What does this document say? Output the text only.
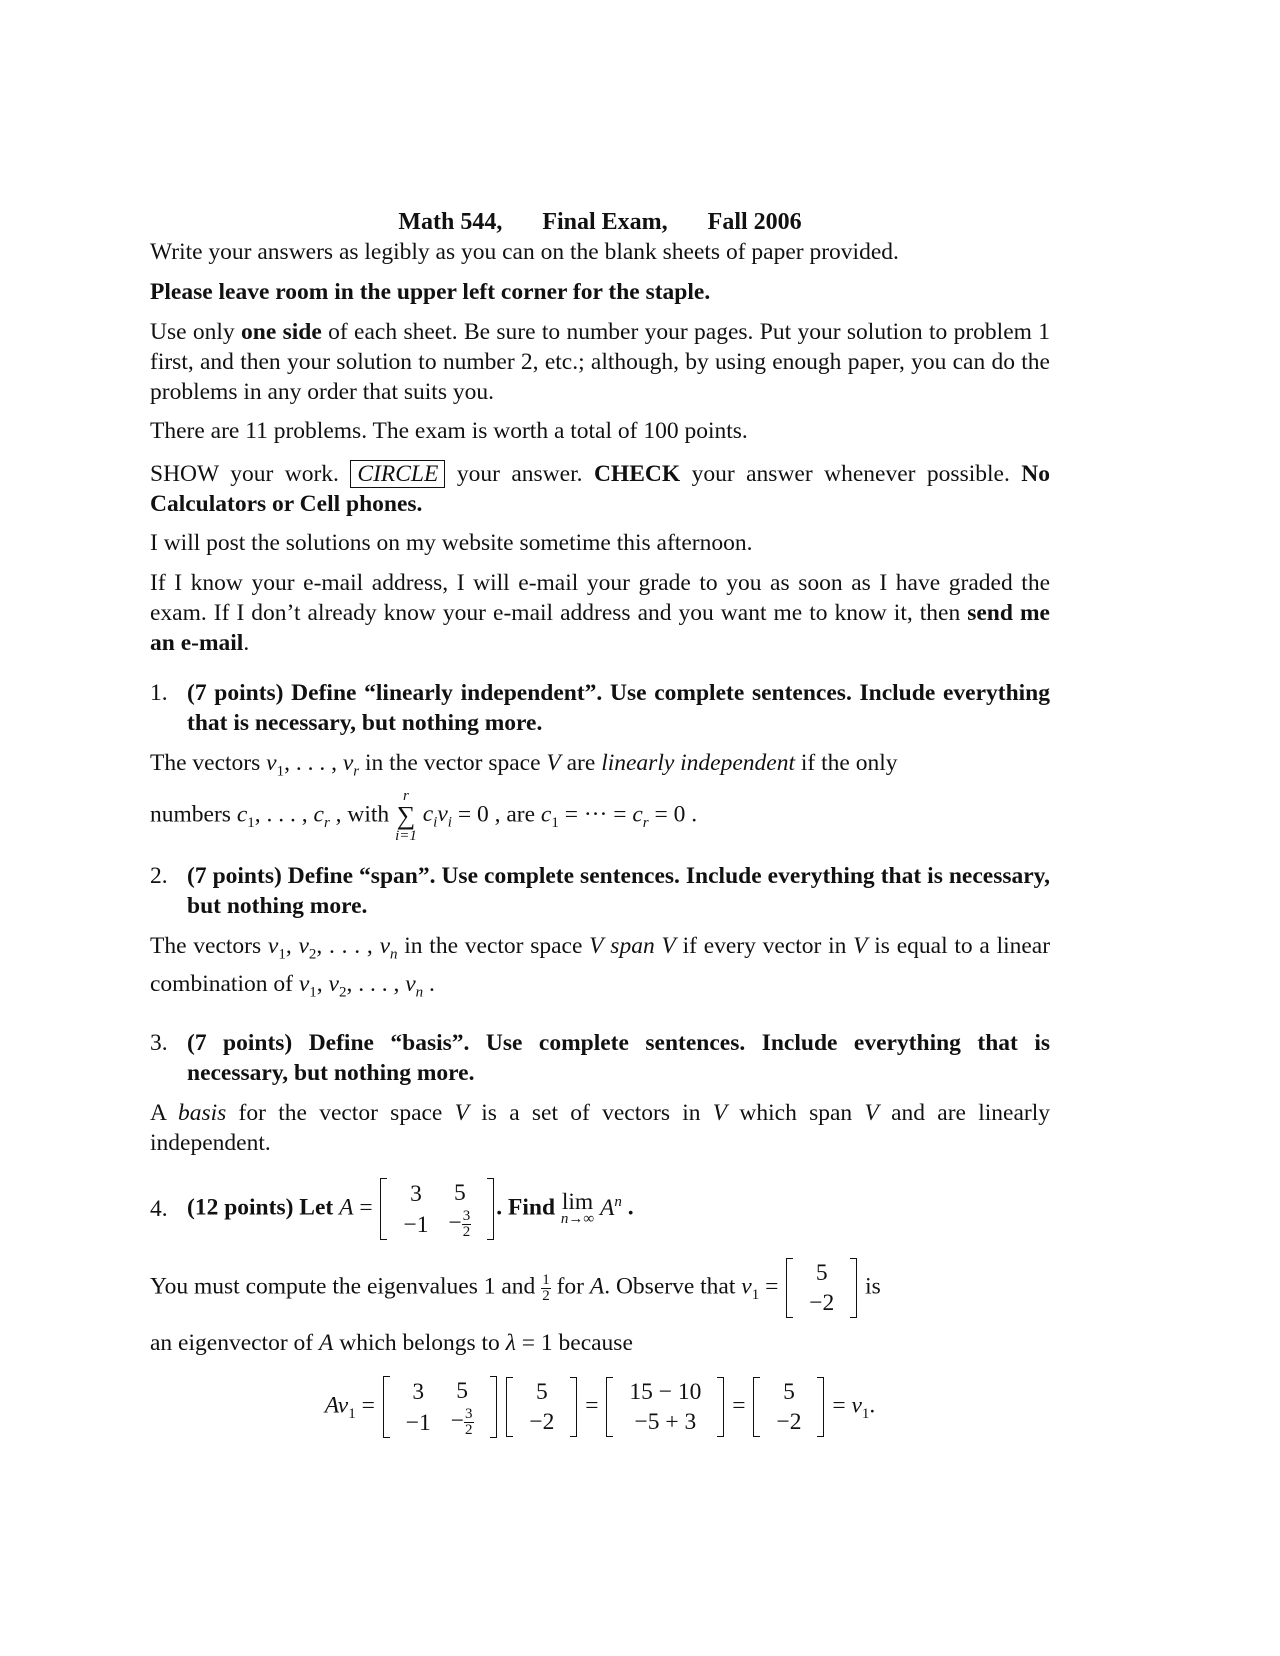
Math 544, Final Exam, Fall 2006

Write your answers as legibly as you can on the blank sheets of paper provided.

Please leave room in the upper left corner for the staple.

Use only one side of each sheet. Be sure to number your pages. Put your solution to problem 1 first, and then your solution to number 2, etc.; although, by using enough paper, you can do the problems in any order that suits you.

There are 11 problems. The exam is worth a total of 100 points.

SHOW your work. CIRCLE your answer. CHECK your answer whenever possible. No Calculators or Cell phones.

I will post the solutions on my website sometime this afternoon.

If I know your e-mail address, I will e-mail your grade to you as soon as I have graded the exam. If I don’t already know your e-mail address and you want me to know it, then send me an e-mail.

1. (7 points) Define “linearly independent”. Use complete sentences. Include everything that is necessary, but nothing more.

The vectors $v_1$, . . . , $v_r$ in the vector space V are linearly independent if the only

numbers $c_1$, . . . , $c_r$ , with
r
∑
i=1
$c_iv_i = 0$ , are $c_1$ = ··· = $c_r = 0$ .

2. (7 points) Define “span”. Use complete sentences. Include everything that is necessary, but nothing more.

The vectors $v_1$, $v_2$, . . . , $v_n$ in the vector space V span V if every vector in V is equal to a linear combination of $v_1$, $v_2$, . . . , $v_n$ .

3. (7 points) Define “basis”. Use complete sentences. Include everything that is necessary, but nothing more.

A basis for the vector space V is a set of vectors in V which span V and are linearly independent.

4. (12 points) Let A =
3
−1
5
− $\frac{3}{2}$
. Find lim
n→∞ $A^n$ .

You must compute the eigenvalues 1 and $\frac{1}{2}$ for A. Observe that $v_1$ =
5
−2
is

an eigenvector of A which belongs to λ = 1 because

$Av_1$ =
3
−1
5
− $\frac{3}{2}$

5
−2
=
15 − 10
−5 + 3
=
5
−2
= $v_1$.
